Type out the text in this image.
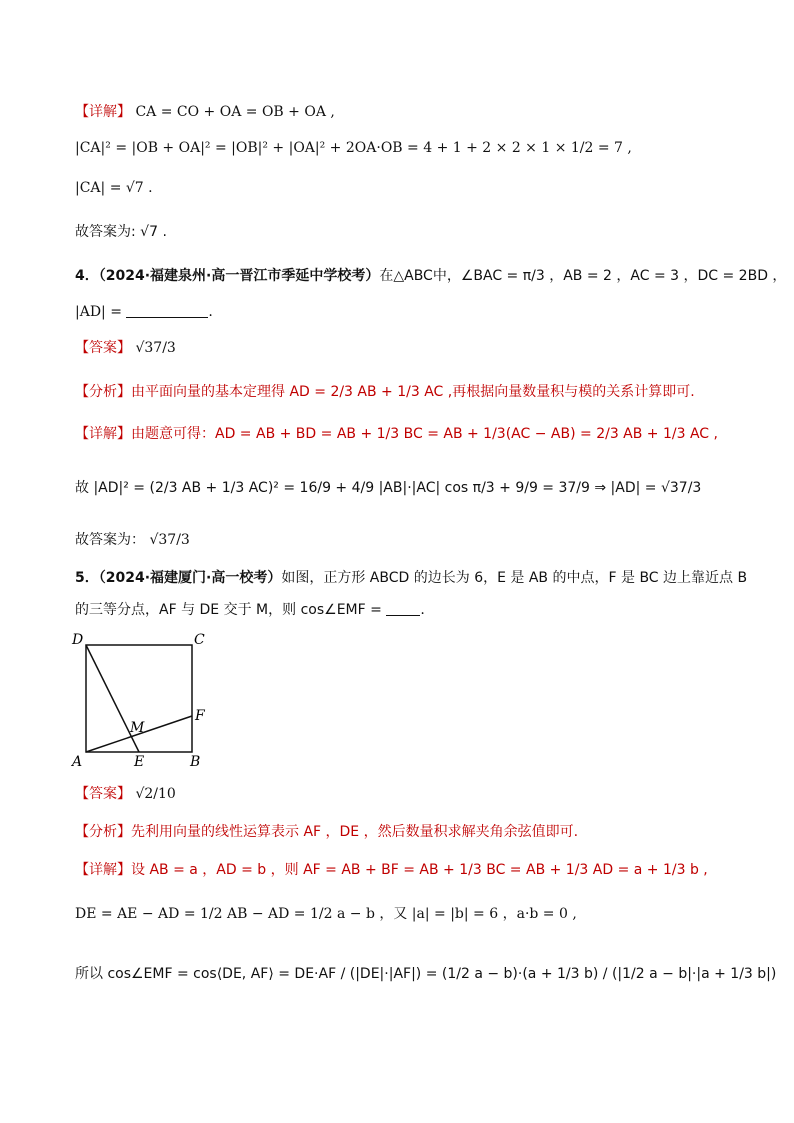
【详解】 CA = CO + OA = OB + OA ,
|CA|² = |OB + OA|² = |OB|² + |OA|² + 2OA·OB = 4 + 1 + 2 × 2 × 1 × 1/2 = 7 ,
|CA| = √7 .
故答案为: √7 .
4．（2024·福建泉州·高一晋江市季延中学校考）在△ABC中，∠BAC = π/3 ，AB = 2 ，AC = 3 ，DC = 2BD ，
|AD| =	.
【答案】 √37/3
【分析】由平面向量的基本定理得 AD = 2/3 AB + 1/3 AC ,再根据向量数量积与模的关系计算即可.
【详解】由题意可得：AD = AB + BD = AB + 1/3 BC = AB + 1/3(AC − AB) = 2/3 AB + 1/3 AC ,
故 |AD|² = (2/3 AB + 1/3 AC)² = 16/9 + 4/9 |AB|·|AC| cos π/3 + 9/9 = 37/9 ⇒ |AD| = √37/3
故答案为： √37/3
5．（2024·福建厦门·高一校考）如图，正方形 ABCD 的边长为 6，E 是 AB 的中点，F 是 BC 边上靠近点 B
的三等分点，AF 与 DE 交于 M，则 cos∠EMF = .
D	C
A	B
E
F
M
【答案】 √2/10
【分析】先利用向量的线性运算表示 AF ，DE ，然后数量积求解夹角余弦值即可.
【详解】设 AB = a ，AD = b ，则 AF = AB + BF = AB + 1/3 BC = AB + 1/3 AD = a + 1/3 b ,
DE = AE − AD = 1/2 AB − AD = 1/2 a − b ，又 |a| = |b| = 6 ，a·b = 0 ,
所以 cos∠EMF = cos⟨DE, AF⟩ = DE·AF / (|DE|·|AF|) = (1/2 a − b)·(a + 1/3 b) / (|1/2 a − b|·|a + 1/3 b|)
